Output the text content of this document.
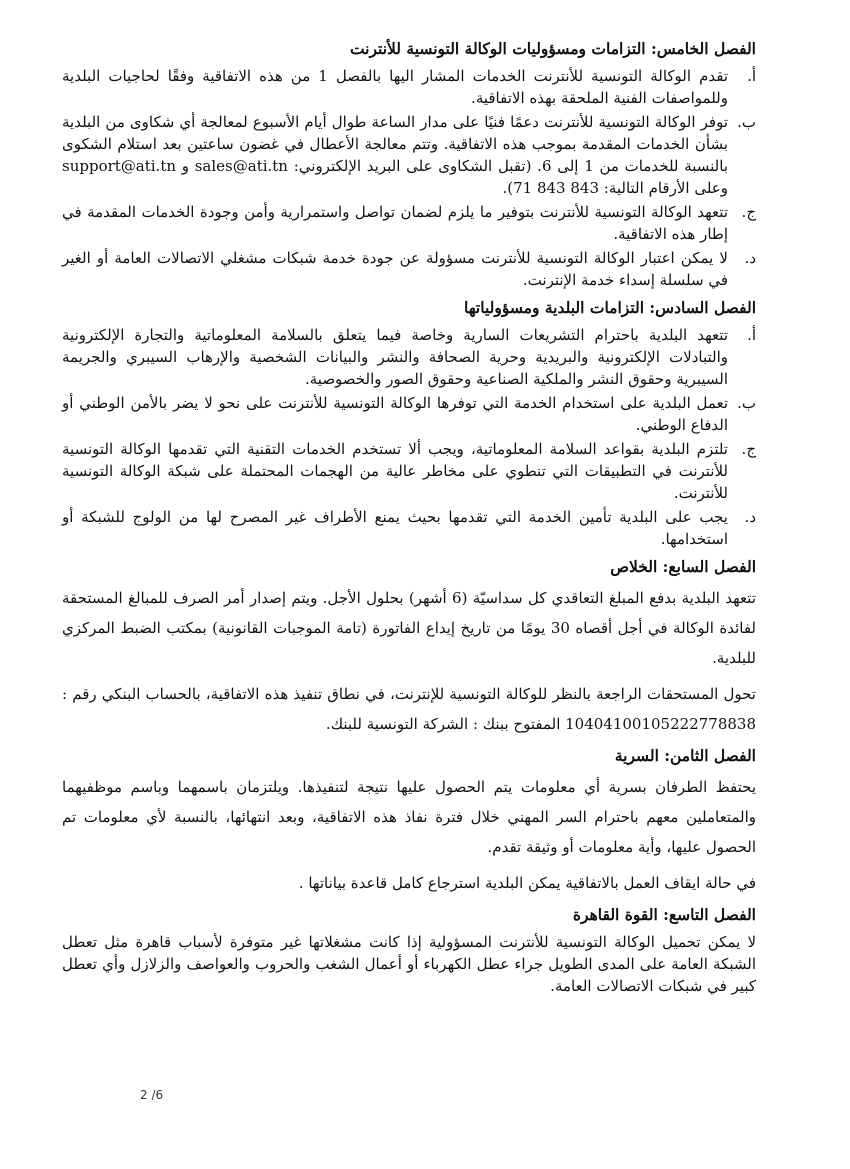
الفصل الخامس: التزامات ومسؤوليات الوكالة التونسية للأنترنت
أ.
تقدم الوكالة التونسية للأنترنت الخدمات المشار اليها بالفصل 1 من هذه الاتفاقية وفقًا لحاجيات البلدية وللمواصفات الفنية الملحقة بهذه الاتفاقية.
ب.
توفر الوكالة التونسية للأنترنت دعمًا فنيًا على مدار الساعة طوال أيام الأسبوع لمعالجة أي شكاوى من البلدية بشأن الخدمات المقدمة بموجب هذه الاتفاقية. وتتم معالجة الأعطال في غضون ساعتين بعد استلام الشكوى بالنسبة للخدمات من 1 إلى 6. (تقبل الشكاوى على البريد الإلكتروني: sales@ati.tn و support@ati.tn وعلى الأرقام التالية: 843 843 71).
ج.
تتعهد الوكالة التونسية للأنترنت بتوفير ما يلزم لضمان تواصل واستمرارية وأمن وجودة الخدمات المقدمة في إطار هذه الاتفاقية.
د.
لا يمكن اعتبار الوكالة التونسية للأنترنت مسؤولة عن جودة خدمة شبكات مشغلي الاتصالات العامة أو الغير في سلسلة إسداء خدمة الإنترنت.
الفصل السادس: التزامات البلدية ومسؤولياتها
أ.
تتعهد البلدية باحترام التشريعات السارية وخاصة فيما يتعلق بالسلامة المعلوماتية والتجارة الإلكترونية والتبادلات الإلكترونية والبريدية وحرية الصحافة والنشر والبيانات الشخصية والإرهاب السيبري والجريمة السيبرية وحقوق النشر والملكية الصناعية وحقوق الصور والخصوصية.
ب.
تعمل البلدية على استخدام الخدمة التي توفرها الوكالة التونسية للأنترنت على نحو لا يضر بالأمن الوطني أو الدفاع الوطني.
ج.
تلتزم البلدية بقواعد السلامة المعلوماتية، ويجب ألا تستخدم الخدمات التقنية التي تقدمها الوكالة التونسية للأنترنت في التطبيقات التي تنطوي على مخاطر عالية من الهجمات المحتملة على شبكة الوكالة التونسية للأنترنت.
د.
يجب على البلدية تأمين الخدمة التي تقدمها بحيث يمنع الأطراف غير المصرح لها من الولوج للشبكة أو استخدامها.
الفصل السابع: الخلاص

تتعهد البلدية بدفع المبلغ التعاقدي كل سداسيّة (6 أشهر) بحلول الأجل. ويتم إصدار أمر الصرف للمبالغ المستحقة لفائدة الوكالة في أجل أقصاه 30 يومًا من تاريخ إيداع الفاتورة (تامة الموجبات القانونية) بمكتب الضبط المركزي للبلدية.

تحول المستحقات الراجعة بالنظر للوكالة التونسية للإنترنت، في نطاق تنفيذ هذه الاتفاقية، بالحساب البنكي رقم : 10404100105222778838 المفتوح ببنك : الشركة التونسية للبنك.

الفصل الثامن: السرية

يحتفظ الطرفان بسرية أي معلومات يتم الحصول عليها نتيجة لتنفيذها. ويلتزمان باسمهما وباسم موظفيهما والمتعاملين معهم باحترام السر المهني خلال فترة نفاذ هذه الاتفاقية، وبعد انتهائها، بالنسبة لأي معلومات تم الحصول عليها، وأية معلومات أو وثيقة تقدم.

في حالة ايقاف العمل بالاتفاقية يمكن البلدية استرجاع كامل قاعدة بياناتها .

الفصل التاسع: القوة القاهرة

لا يمكن تحميل الوكالة التونسية للأنترنت المسؤولية إذا كانت مشغلاتها غير متوفرة لأسباب قاهرة مثل تعطل الشبكة العامة على المدى الطويل جراء عطل الكهرباء أو أعمال الشغب والحروب والعواصف والزلازل وأي تعطل كبير في شبكات الاتصالات العامة.

2 /6
